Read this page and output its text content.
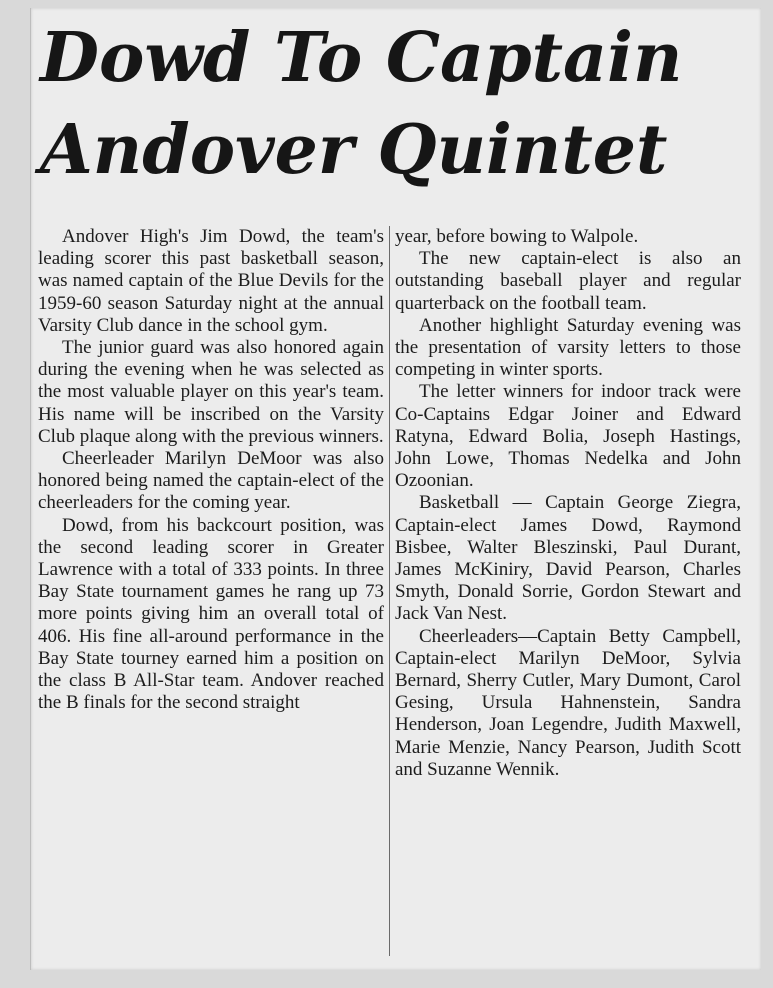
Dowd To Captain
Andover Quintet

Andover High's Jim Dowd, the team's leading scorer this past basketball season, was named captain of the Blue Devils for the 1959-60 season Saturday night at the annual Varsity Club dance in the school gym.

The junior guard was also honored again during the evening when he was selected as the most valuable player on this year's team. His name will be inscribed on the Varsity Club plaque along with the previous winners.

Cheerleader Marilyn DeMoor was also honored being named the captain-elect of the cheerleaders for the coming year.

Dowd, from his backcourt position, was the second leading scorer in Greater Lawrence with a total of 333 points. In three Bay State tournament games he rang up 73 more points giving him an overall total of 406. His fine all-around performance in the Bay State tourney earned him a position on the class B All-Star team. Andover reached the B finals for the second straight

year, before bowing to Walpole.

The new captain-elect is also an outstanding baseball player and regular quarterback on the football team.

Another highlight Saturday evening was the presentation of varsity letters to those competing in winter sports.

The letter winners for indoor track were Co-Captains Edgar Joiner and Edward Ratyna, Edward Bolia, Joseph Hastings, John Lowe, Thomas Nedelka and John Ozoonian.

Basketball — Captain George Ziegra, Captain-elect James Dowd, Raymond Bisbee, Walter Bleszinski, Paul Durant, James McKiniry, David Pearson, Charles Smyth, Donald Sorrie, Gordon Stewart and Jack Van Nest.

Cheerleaders—Captain Betty Campbell, Captain-elect Marilyn DeMoor, Sylvia Bernard, Sherry Cutler, Mary Dumont, Carol Gesing, Ursula Hahnenstein, Sandra Henderson, Joan Legendre, Judith Maxwell, Marie Menzie, Nancy Pearson, Judith Scott and Suzanne Wennik.
